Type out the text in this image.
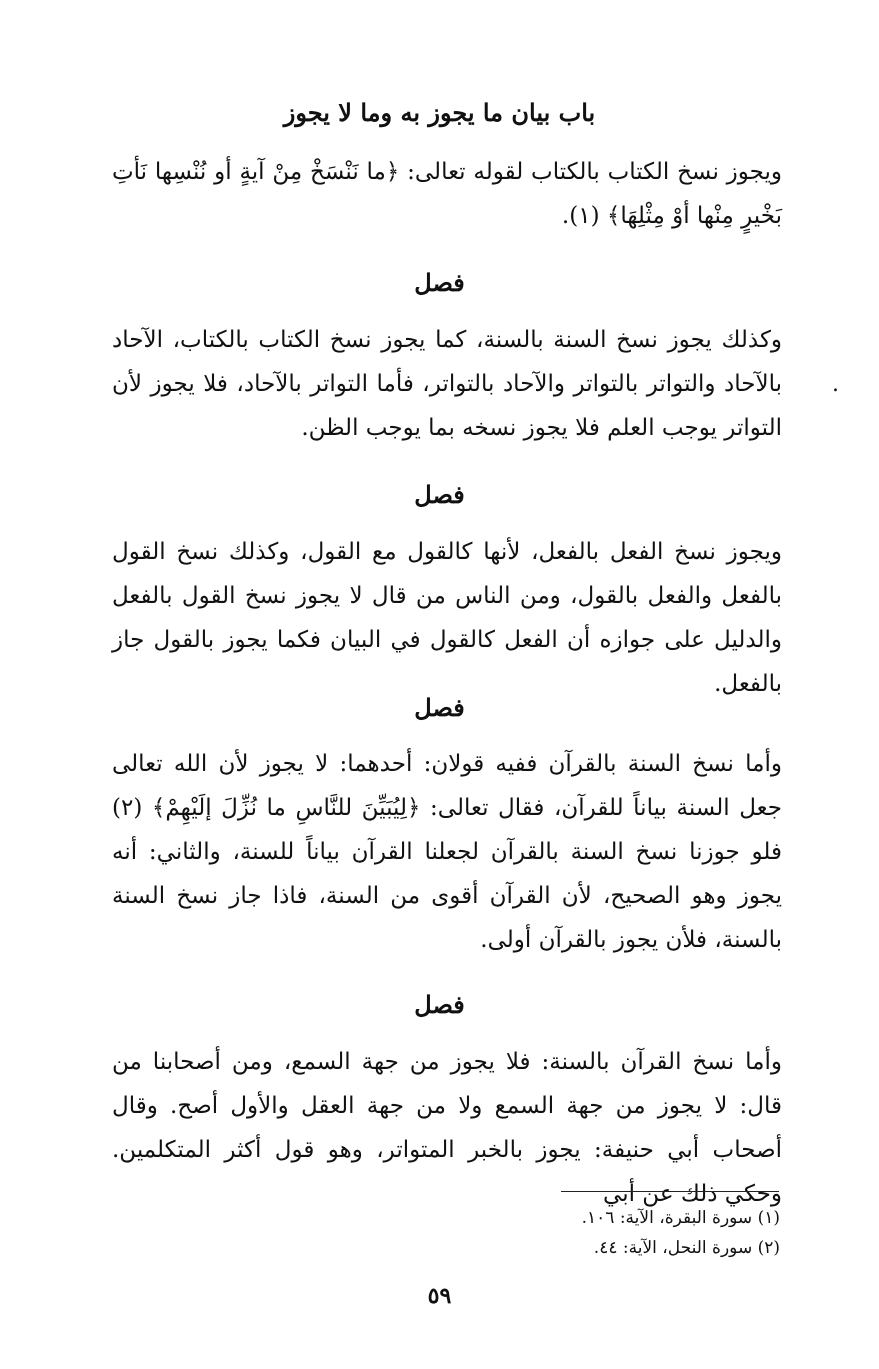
باب بيان ما يجوز به وما لا يجوز

ويجوز نسخ الكتاب بالكتاب لقوله تعالى: ﴿ما نَنْسَخْ مِنْ آيةٍ أو نُنْسِها نَأتِ بَخْيرٍ مِنْها أوْ مِثْلِهَا﴾ (١).

فصل

وكذلك يجوز نسخ السنة بالسنة، كما يجوز نسخ الكتاب بالكتاب، الآحاد بالآحاد والتواتر بالتواتر والآحاد بالتواتر، فأما التواتر بالآحاد، فلا يجوز لأن التواتر يوجب العلم فلا يجوز نسخه بما يوجب الظن.

.
فصل

ويجوز نسخ الفعل بالفعل، لأنها كالقول مع القول، وكذلك نسخ القول بالفعل والفعل بالقول، ومن الناس من قال لا يجوز نسخ القول بالفعل والدليل على جوازه أن الفعل كالقول في البيان فكما يجوز بالقول جاز بالفعل.

فصل

وأما نسخ السنة بالقرآن ففيه قولان: أحدهما: لا يجوز لأن الله تعالى جعل السنة بياناً للقرآن، فقال تعالى: ﴿لِيُبَيِّنَ للنَّاسِ ما نُزِّلَ إلَيْهِمْ﴾ (٢) فلو جوزنا نسخ السنة بالقرآن لجعلنا القرآن بياناً للسنة، والثاني: أنه يجوز وهو الصحيح، لأن القرآن أقوى من السنة، فاذا جاز نسخ السنة بالسنة، فلأن يجوز بالقرآن أولى.

فصل

وأما نسخ القرآن بالسنة: فلا يجوز من جهة السمع، ومن أصحابنا من قال: لا يجوز من جهة السمع ولا من جهة العقل والأول أصح. وقال أصحاب أبي حنيفة: يجوز بالخبر المتواتر، وهو قول أكثر المتكلمين. وحكي ذلك عن أبي

(١) سورة البقرة، الآية: ١٠٦.
(٢) سورة النحل، الآية: ٤٤.
٥٩
